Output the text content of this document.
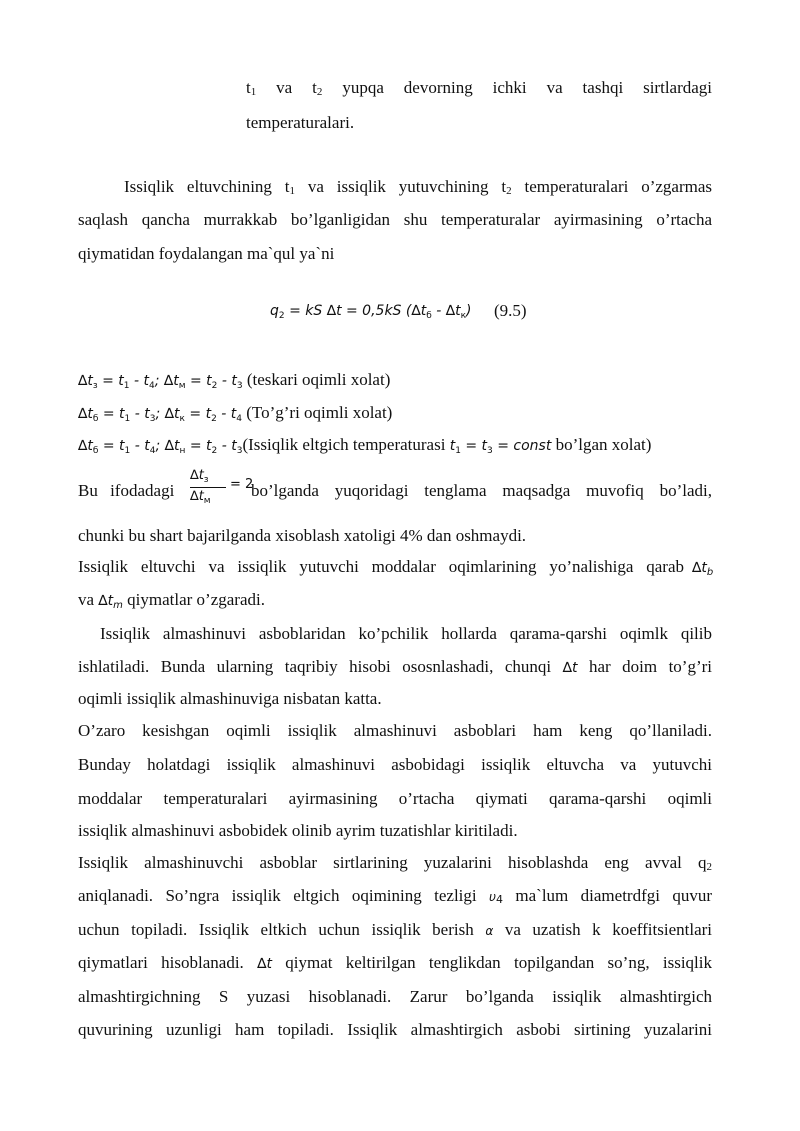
t1 va t2 yupqa devorning ichki va tashqi sirtlardagi
temperaturalari.
Issiqlik eltuvchining t1 va issiqlik yutuvchining t2 temperaturalari o’zgarmas
saqlash qancha murrakkab bo’lganligidan shu temperaturalar ayirmasining o’rtacha
qiymatidan foydalangan ma`qul ya`ni
$q_2$ = kS ∆t = 0,5kS $(\Delta t_б - \Delta t_к)$ (9.5)
$\Delta t_з = t_1 - t_4$; $\Delta t_м = t_2 - t_3$ (teskari oqimli xolat)
$\Delta t_б = t_1 - t_3$; $\Delta t_к = t_2 - t_4$ (To’g’ri oqimli xolat)
$\Delta t_б = t_1 - t_4$; $\Delta t_н = t_2$ - $t_3(Issiqlik$ eltgich temperaturasi $t_1 = t_3$ = const bo’lgan xolat)
Bu ifodadagi
$\Delta t_з$
$\Delta t_м$
= 2
bo’lganda yuqoridagi tenglama maqsadga muvofiq bo’ladi,
chunki bu shart bajarilganda xisoblash xatoligi 4% dan oshmaydi.
Issiqlik eltuvchi va issiqlik yutuvchi moddalar oqimlarining yo’nalishiga qarab $\Delta t_b$
va $\Delta t_m$ qiymatlar o’zgaradi.
Issiqlik almashinuvi asboblaridan ko’pchilik hollarda qarama-qarshi oqimlk qilib
ishlatiladi. Bunda ularning taqribiy hisobi ososnlashadi, chunqi ∆t har doim to’g’ri
oqimli issiqlik almashinuviga nisbatan katta.
O’zaro kesishgan oqimli issiqlik almashinuvi asboblari ham keng qo’llaniladi.
Bunday holatdagi issiqlik almashinuvi asbobidagi issiqlik eltuvcha va yutuvchi
moddalar temperaturalari ayirmasining o’rtacha qiymati qarama-qarshi oqimli
issiqlik almashinuvi asbobidek olinib ayrim tuzatishlar kiritiladi.
Issiqlik almashinuvchi asboblar sirtlarining yuzalarini hisoblashda eng avval q2
aniqlanadi. So’ngra issiqlik eltgich oqimining tezligi υ4 ma`lum diametrdfgi quvur
uchun topiladi. Issiqlik eltkich uchun issiqlik berish α va uzatish k koeffitsientlari
qiymatlari hisoblanadi. ∆t qiymat keltirilgan tenglikdan topilgandan so’ng, issiqlik
almashtirgichning S yuzasi hisoblanadi. Zarur bo’lganda issiqlik almashtirgich
quvurining uzunligi ham topiladi. Issiqlik almashtirgich asbobi sirtining yuzalarini
